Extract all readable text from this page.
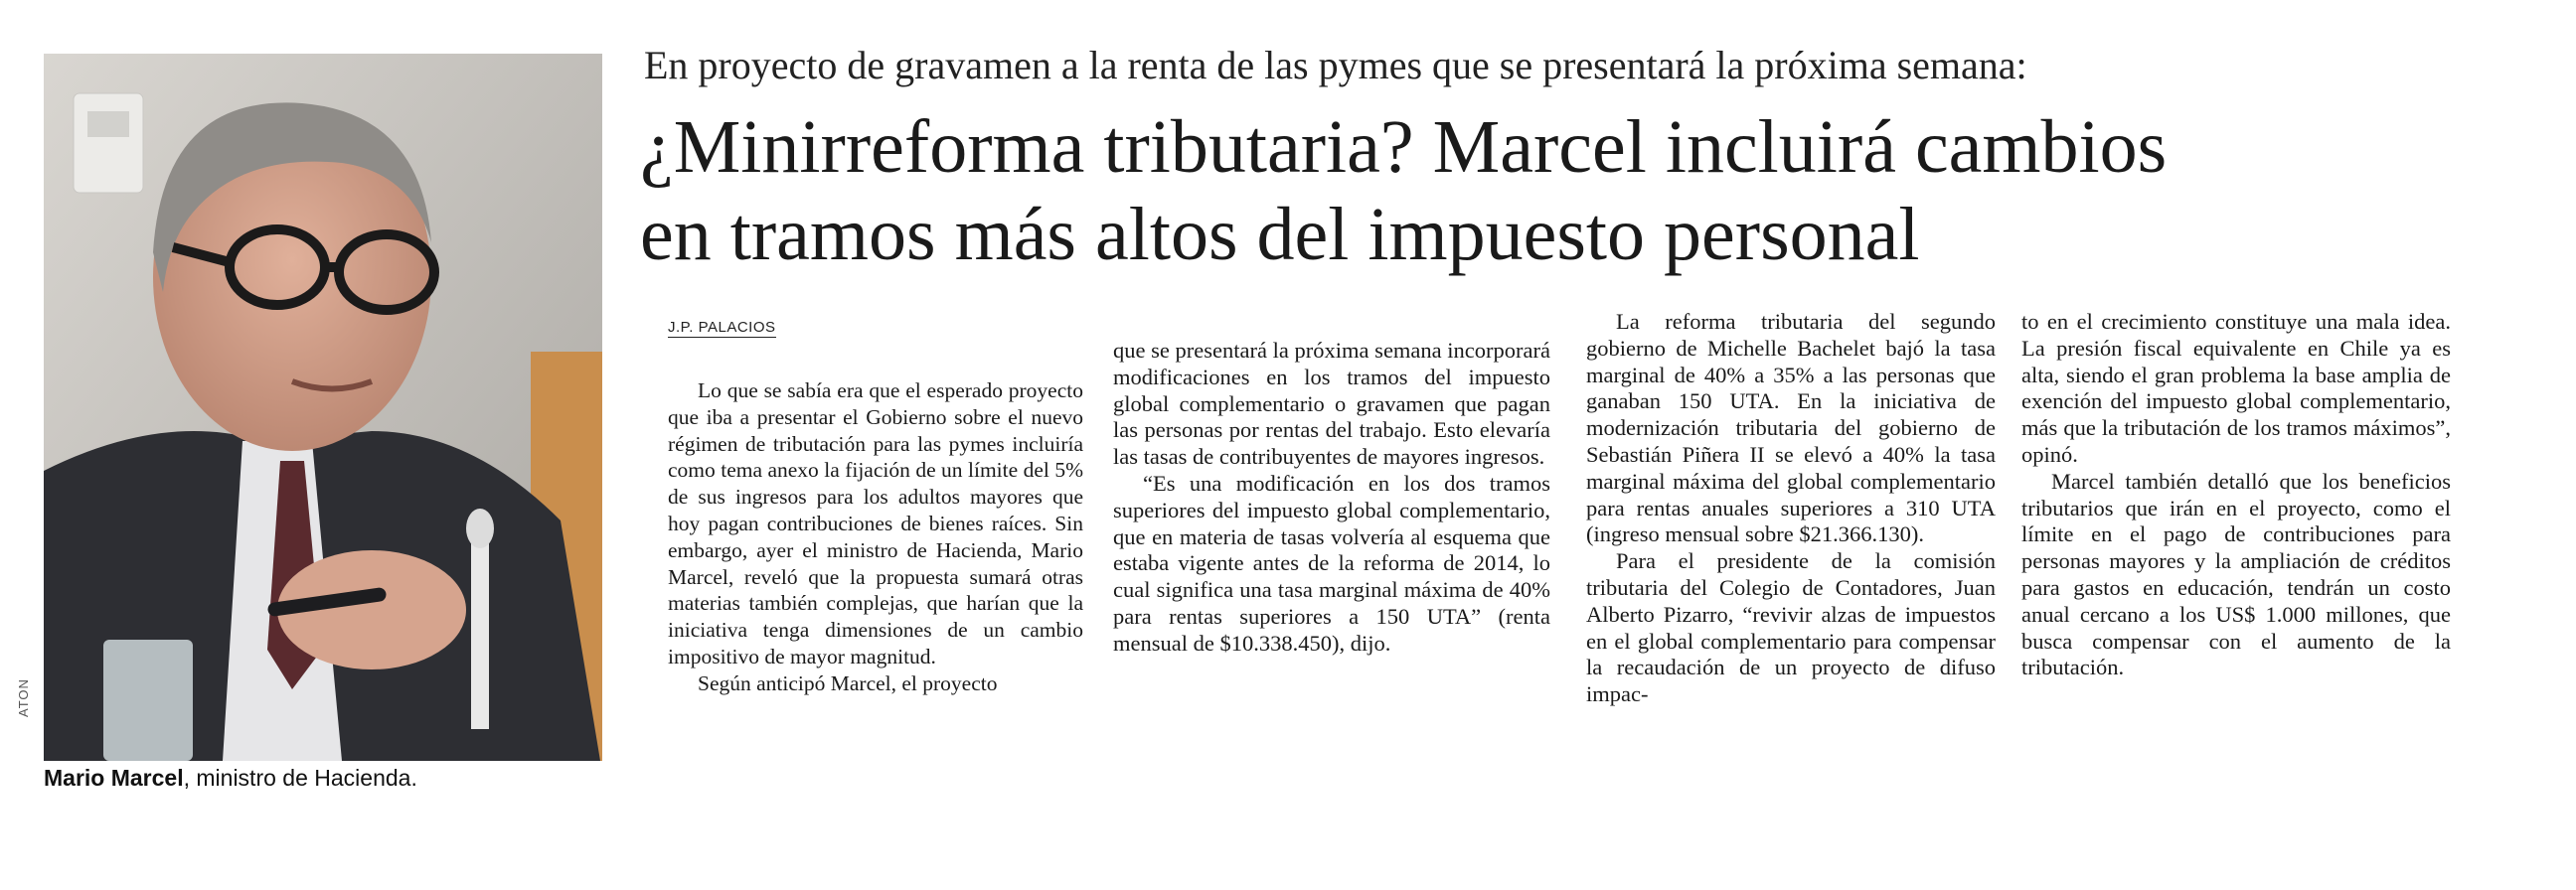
ATON
Mario Marcel, ministro de Hacienda.
En proyecto de gravamen a la renta de las pymes que se presentará la próxima semana:
¿Minirreforma tributaria? Marcel incluirá cambios
en tramos más altos del impuesto personal
J.P. PALACIOS

Lo que se sabía era que el esperado proyecto que iba a presentar el Gobierno sobre el nuevo régimen de tributación para las pymes incluiría como tema anexo la fijación de un límite del 5% de sus ingresos para los adultos mayores que hoy pagan contribuciones de bienes raíces. Sin embargo, ayer el ministro de Hacienda, Mario Marcel, reveló que la propuesta sumará otras materias también complejas, que harían que la iniciativa tenga dimensiones de un cambio impositivo de mayor magnitud.

Según anticipó Marcel, el proyecto

que se presentará la próxima semana incorporará modificaciones en los tramos del impuesto global complementario o gravamen que pagan las personas por rentas del trabajo. Esto elevaría las tasas de contribuyentes de mayores ingresos.

“Es una modificación en los dos tramos superiores del impuesto global complementario, que en materia de tasas volvería al esquema que estaba vigente antes de la reforma de 2014, lo cual significa una tasa marginal máxima de 40% para rentas superiores a 150 UTA” (renta mensual de $10.338.450), dijo.

La reforma tributaria del segundo gobierno de Michelle Bachelet bajó la tasa marginal de 40% a 35% a las personas que ganaban 150 UTA. En la iniciativa de modernización tributaria del gobierno de Sebastián Piñera II se elevó a 40% la tasa marginal máxima del global complementario para rentas anuales superiores a 310 UTA (ingreso mensual sobre $21.366.130).

Para el presidente de la comisión tributaria del Colegio de Contadores, Juan Alberto Pizarro, “revivir alzas de impuestos en el global complementario para compensar la recaudación de un proyecto de difuso impac-

to en el crecimiento constituye una mala idea. La presión fiscal equivalente en Chile ya es alta, siendo el gran problema la base amplia de exención del impuesto global complementario, más que la tributación de los tramos máximos”, opinó.

Marcel también detalló que los beneficios tributarios que irán en el proyecto, como el límite en el pago de contribuciones para personas mayores y la ampliación de créditos para gastos en educación, tendrán un costo anual cercano a los US$ 1.000 millones, que busca compensar con el aumento de la tributación.
